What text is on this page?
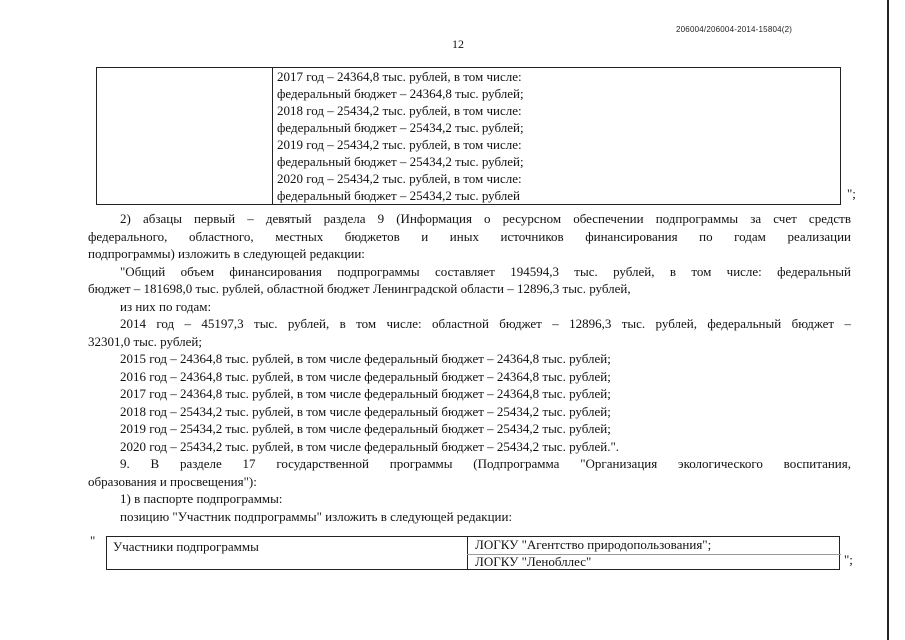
206004/206004-2014-15804(2)
12
2017 год – 24364,8 тыс. рублей, в том числе:
федеральный бюджет – 24364,8 тыс. рублей;
2018 год – 25434,2 тыс. рублей, в том числе:
федеральный бюджет – 25434,2 тыс. рублей;
2019 год – 25434,2 тыс. рублей, в том числе:
федеральный бюджет – 25434,2 тыс. рублей;
2020 год – 25434,2 тыс. рублей, в том числе:
федеральный бюджет – 25434,2 тыс. рублей	";
2) абзацы первый – девятый раздела 9 (Информация о ресурсном обеспечении подпрограммы за счет средств
федерального, областного, местных бюджетов и иных источников финансирования по годам реализации
подпрограммы) изложить в следующей редакции:
"Общий объем финансирования подпрограммы составляет 194594,3 тыс. рублей, в том числе: федеральный
бюджет – 181698,0 тыс. рублей, областной бюджет Ленинградской области – 12896,3 тыс. рублей,
из них по годам:
2014 год – 45197,3 тыс. рублей, в том числе: областной бюджет – 12896,3 тыс. рублей, федеральный бюджет –
32301,0 тыс. рублей;
2015 год – 24364,8 тыс. рублей, в том числе федеральный бюджет – 24364,8 тыс. рублей;
2016 год – 24364,8 тыс. рублей, в том числе федеральный бюджет – 24364,8 тыс. рублей;
2017 год – 24364,8 тыс. рублей, в том числе федеральный бюджет – 24364,8 тыс. рублей;
2018 год – 25434,2 тыс. рублей, в том числе федеральный бюджет – 25434,2 тыс. рублей;
2019 год – 25434,2 тыс. рублей, в том числе федеральный бюджет – 25434,2 тыс. рублей;
2020 год – 25434,2 тыс. рублей, в том числе федеральный бюджет – 25434,2 тыс. рублей.".
9. В разделе 17 государственной программы (Подпрограмма "Организация экологического воспитания,
образования и просвещения"):
1) в паспорте подпрограммы:
позицию "Участник подпрограммы" изложить в следующей редакции:
" Участники подпрограммы	ЛОГКУ "Агентство природопользования";
ЛОГКУ "Ленобллес"	";
